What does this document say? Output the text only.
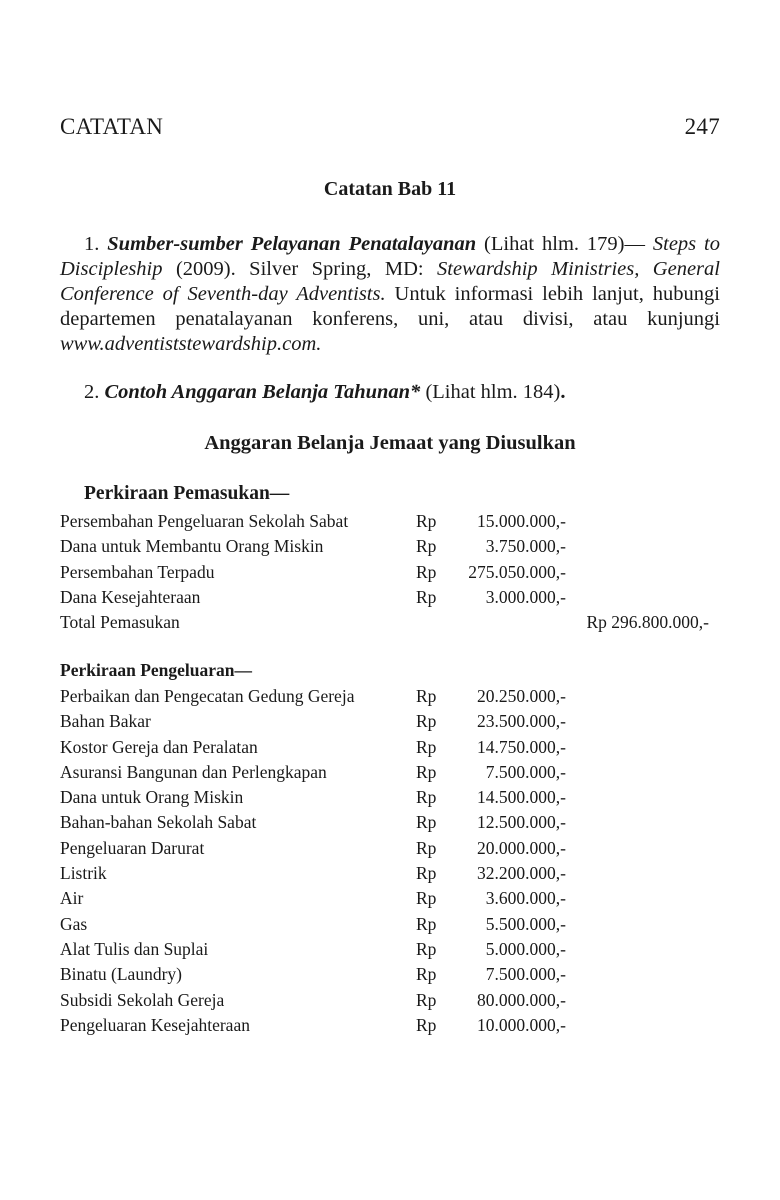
CATATAN	247
Catatan Bab 11

1. Sumber-sumber Pelayanan Penatalayanan (Lihat hlm. 179)— Steps to Discipleship (2009). Silver Spring, MD: Stewardship Ministries, General Conference of Seventh-day Adventists. Untuk informasi lebih lanjut, hubungi departemen penatalayanan konferens, uni, atau divisi, atau kunjungi www.adventiststewardship.com.

2. Contoh Anggaran Belanja Tahunan* (Lihat hlm. 184).

Anggaran Belanja Jemaat yang Diusulkan
Perkiraan Pemasukan—
Persembahan Pengeluaran Sekolah Sabat	Rp 15.000.000,-
Dana untuk Membantu Orang Miskin	Rp	3.750.000,-
Persembahan Terpadu	Rp 275.050.000,-
Dana Kesejahteraan	Rp	3.000.000,-
Total Pemasukan	Rp 296.800.000,-
Perkiraan Pengeluaran—
Perbaikan dan Pengecatan Gedung Gereja	Rp 20.250.000,-
Bahan Bakar	Rp 23.500.000,-
Kostor Gereja dan Peralatan	Rp 14.750.000,-
Asuransi Bangunan dan Perlengkapan	Rp	7.500.000,-
Dana untuk Orang Miskin	Rp 14.500.000,-
Bahan-bahan Sekolah Sabat	Rp 12.500.000,-
Pengeluaran Darurat	Rp 20.000.000,-
Listrik	Rp 32.200.000,-
Air	Rp	3.600.000,-
Gas	Rp	5.500.000,-
Alat Tulis dan Suplai	Rp	5.000.000,-
Binatu (Laundry)	Rp	7.500.000,-
Subsidi Sekolah Gereja	Rp 80.000.000,-
Pengeluaran Kesejahteraan	Rp 10.000.000,-
